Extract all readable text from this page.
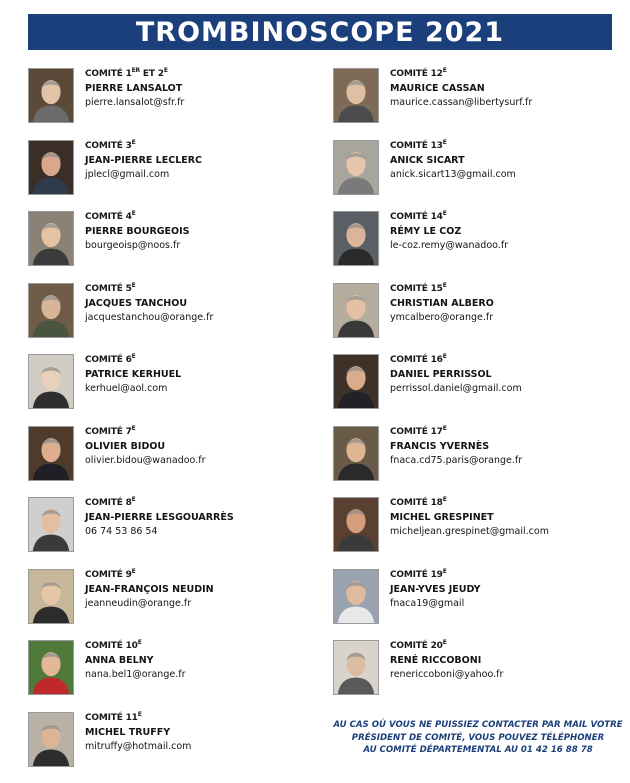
TROMBINOSCOPE 2021
COMITÉ 1ER ET $2^E$
PIERRE LANSALOT
pierre.lansalot@sfr.fr
COMITÉ $3^E$
JEAN-PIERRE LECLERC
jplecl@gmail.com
COMITÉ $4^E$
PIERRE BOURGEOIS
bourgeoisp@noos.fr
COMITÉ $5^E$
JACQUES TANCHOU
jacquestanchou@orange.fr
COMITÉ $6^E$
PATRICE KERHUEL
kerhuel@aol.com
COMITÉ $7^E$
OLIVIER BIDOU
olivier.bidou@wanadoo.fr
COMITÉ $8^E$
JEAN-PIERRE LESGOUARRÈS
06 74 53 86 54
COMITÉ $9^E$
JEAN-FRANÇOIS NEUDIN
jeanneudin@orange.fr
COMITÉ $10^E$
ANNA BELNY
nana.bel1@orange.fr
COMITÉ $11^E$
MICHEL TRUFFY
mitruffy@hotmail.com
COMITÉ $12^E$
MAURICE CASSAN
maurice.cassan@libertysurf.fr
COMITÉ $13^E$
ANICK SICART
anick.sicart13@gmail.com
COMITÉ $14^E$
RÉMY LE COZ
le-coz.remy@wanadoo.fr
COMITÉ $15^E$
CHRISTIAN ALBERO
ymcalbero@orange.fr
COMITÉ $16^E$
DANIEL PERRISSOL
perrissol.daniel@gmail.com
COMITÉ $17^E$
FRANCIS YVERNÈS
fnaca.cd75.paris@orange.fr
COMITÉ $18^E$
MICHEL GRESPINET
micheljean.grespinet@gmail.com
COMITÉ $19^E$
JEAN-YVES JEUDY
fnaca19@gmail
COMITÉ $20^E$
RENÉ RICCOBONI
renericcoboni@yahoo.fr
AU CAS OÙ VOUS NE PUISSIEZ CONTACTER PAR MAIL VOTRE
PRÉSIDENT DE COMITÉ, VOUS POUVEZ TÉLÉPHONER
AU COMITÉ DÉPARTEMENTAL AU 01 42 16 88 78
